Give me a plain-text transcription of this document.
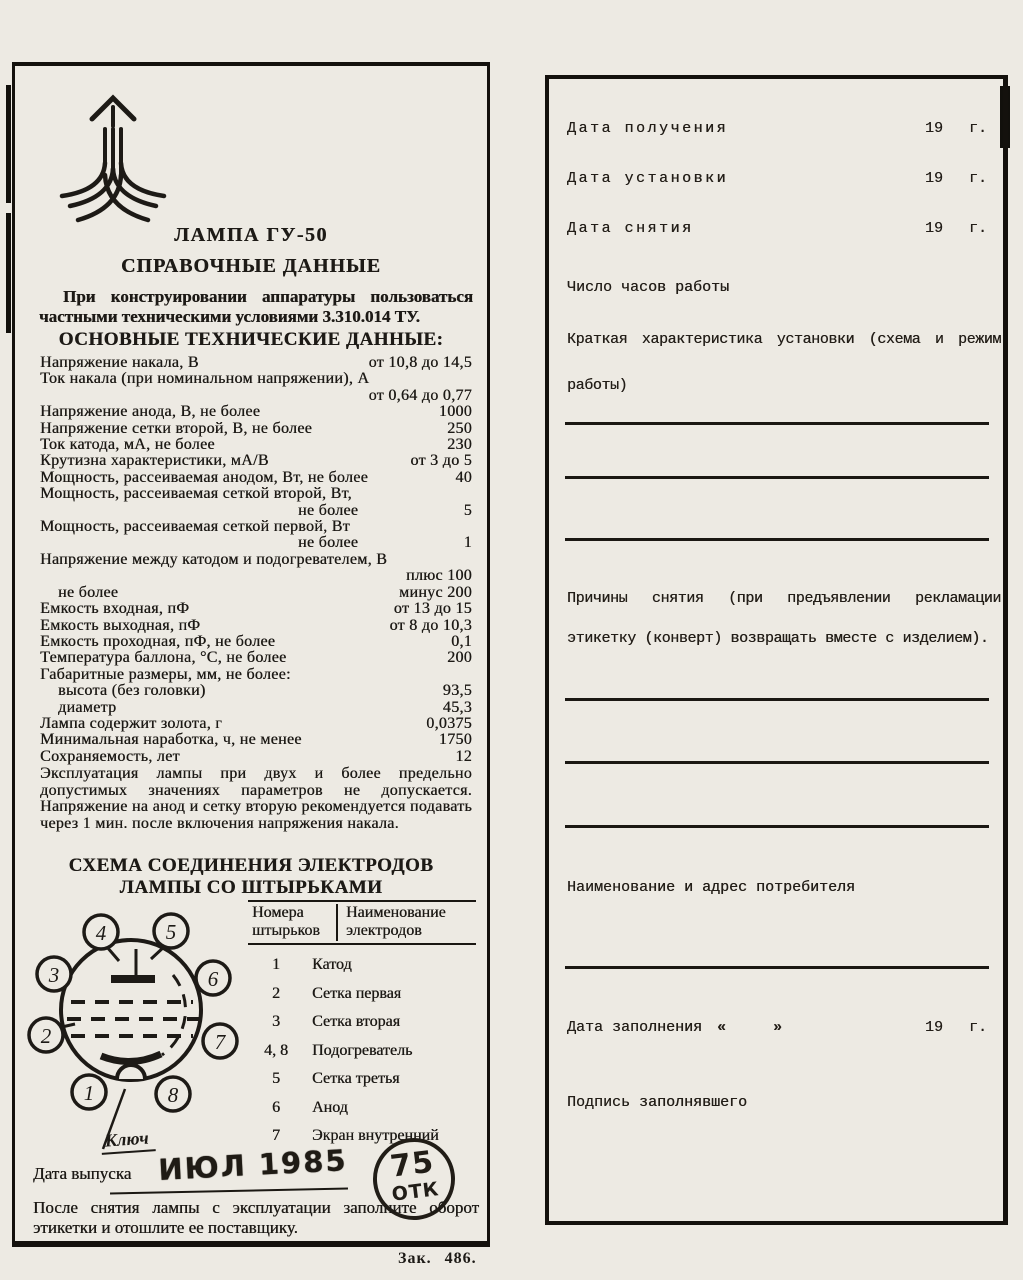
ЛАМПА ГУ-50
СПРАВОЧНЫЕ ДАННЫЕ
При конструировании аппаратуры пользоваться частными техническими условиями 3.310.014 ТУ.
ОСНОВНЫЕ ТЕХНИЧЕСКИЕ ДАННЫЕ:
Напряжение накала, В	от 10,8 до 14,5
Ток накала (при номинальном напряжении), А
от 0,64 до 0,77
Напряжение анода, В, не более	1000
Напряжение сетки второй, В, не более	250
Ток катода, мА, не более	230
Крутизна характеристики, мА/В	от 3 до 5
Мощность, рассеиваемая анодом, Вт, не более	40
Мощность, рассеиваемая сеткой второй, Вт,
не более	5
Мощность, рассеиваемая сеткой первой, Вт
не более	1
Напряжение между катодом и подогревателем, В
плюс 100
не более	минус 200
Емкость входная, пФ	от 13 до 15
Емкость выходная, пФ	от 8 до 10,3
Емкость проходная, пФ, не более	0,1
Температура баллона, °С, не более	200
Габаритные размеры, мм, не более:
высота (без головки)	93,5
диаметр	45,3
Лампа содержит золота, г	0,0375
Минимальная наработка, ч, не менее	1750
Сохраняемость, лет	12
Эксплуатация лампы при двух и более предельно допустимых значениях параметров не допускается. Напряжение на анод и сетку вторую рекомендуется подавать через 1 мин. после включения напряжения накала.
СХЕМА СОЕДИНЕНИЯ ЭЛЕКТРОДОВ
ЛАМПЫ СО ШТЫРЬКАМИ
1
2
3
4	5
6
7
8
Ключ
Номера
штырьков
Наименование
электродов
1	Катод
2	Сетка первая
3	Сетка вторая
4, 8	Подогреватель
5	Сетка третья
6	Анод
7	Экран внутренний
Дата выпуска ИЮЛ 1985	75
ОТК
После снятия лампы с эксплуатации заполните оборот этикетки и отошлите ее поставщику.
Зак. 486.
Дата получения	19 г.
Дата установки	19 г.
Дата снятия	19 г.
Число часов работы
Краткая характеристика установки (схема и режим работы)
Причины снятия (при предъявлении рекламации этикетку (конверт) возвращать вместе с изделием).
Наименование и адрес потребителя
Дата заполнения «	»	19 г.
Подпись заполнявшего
